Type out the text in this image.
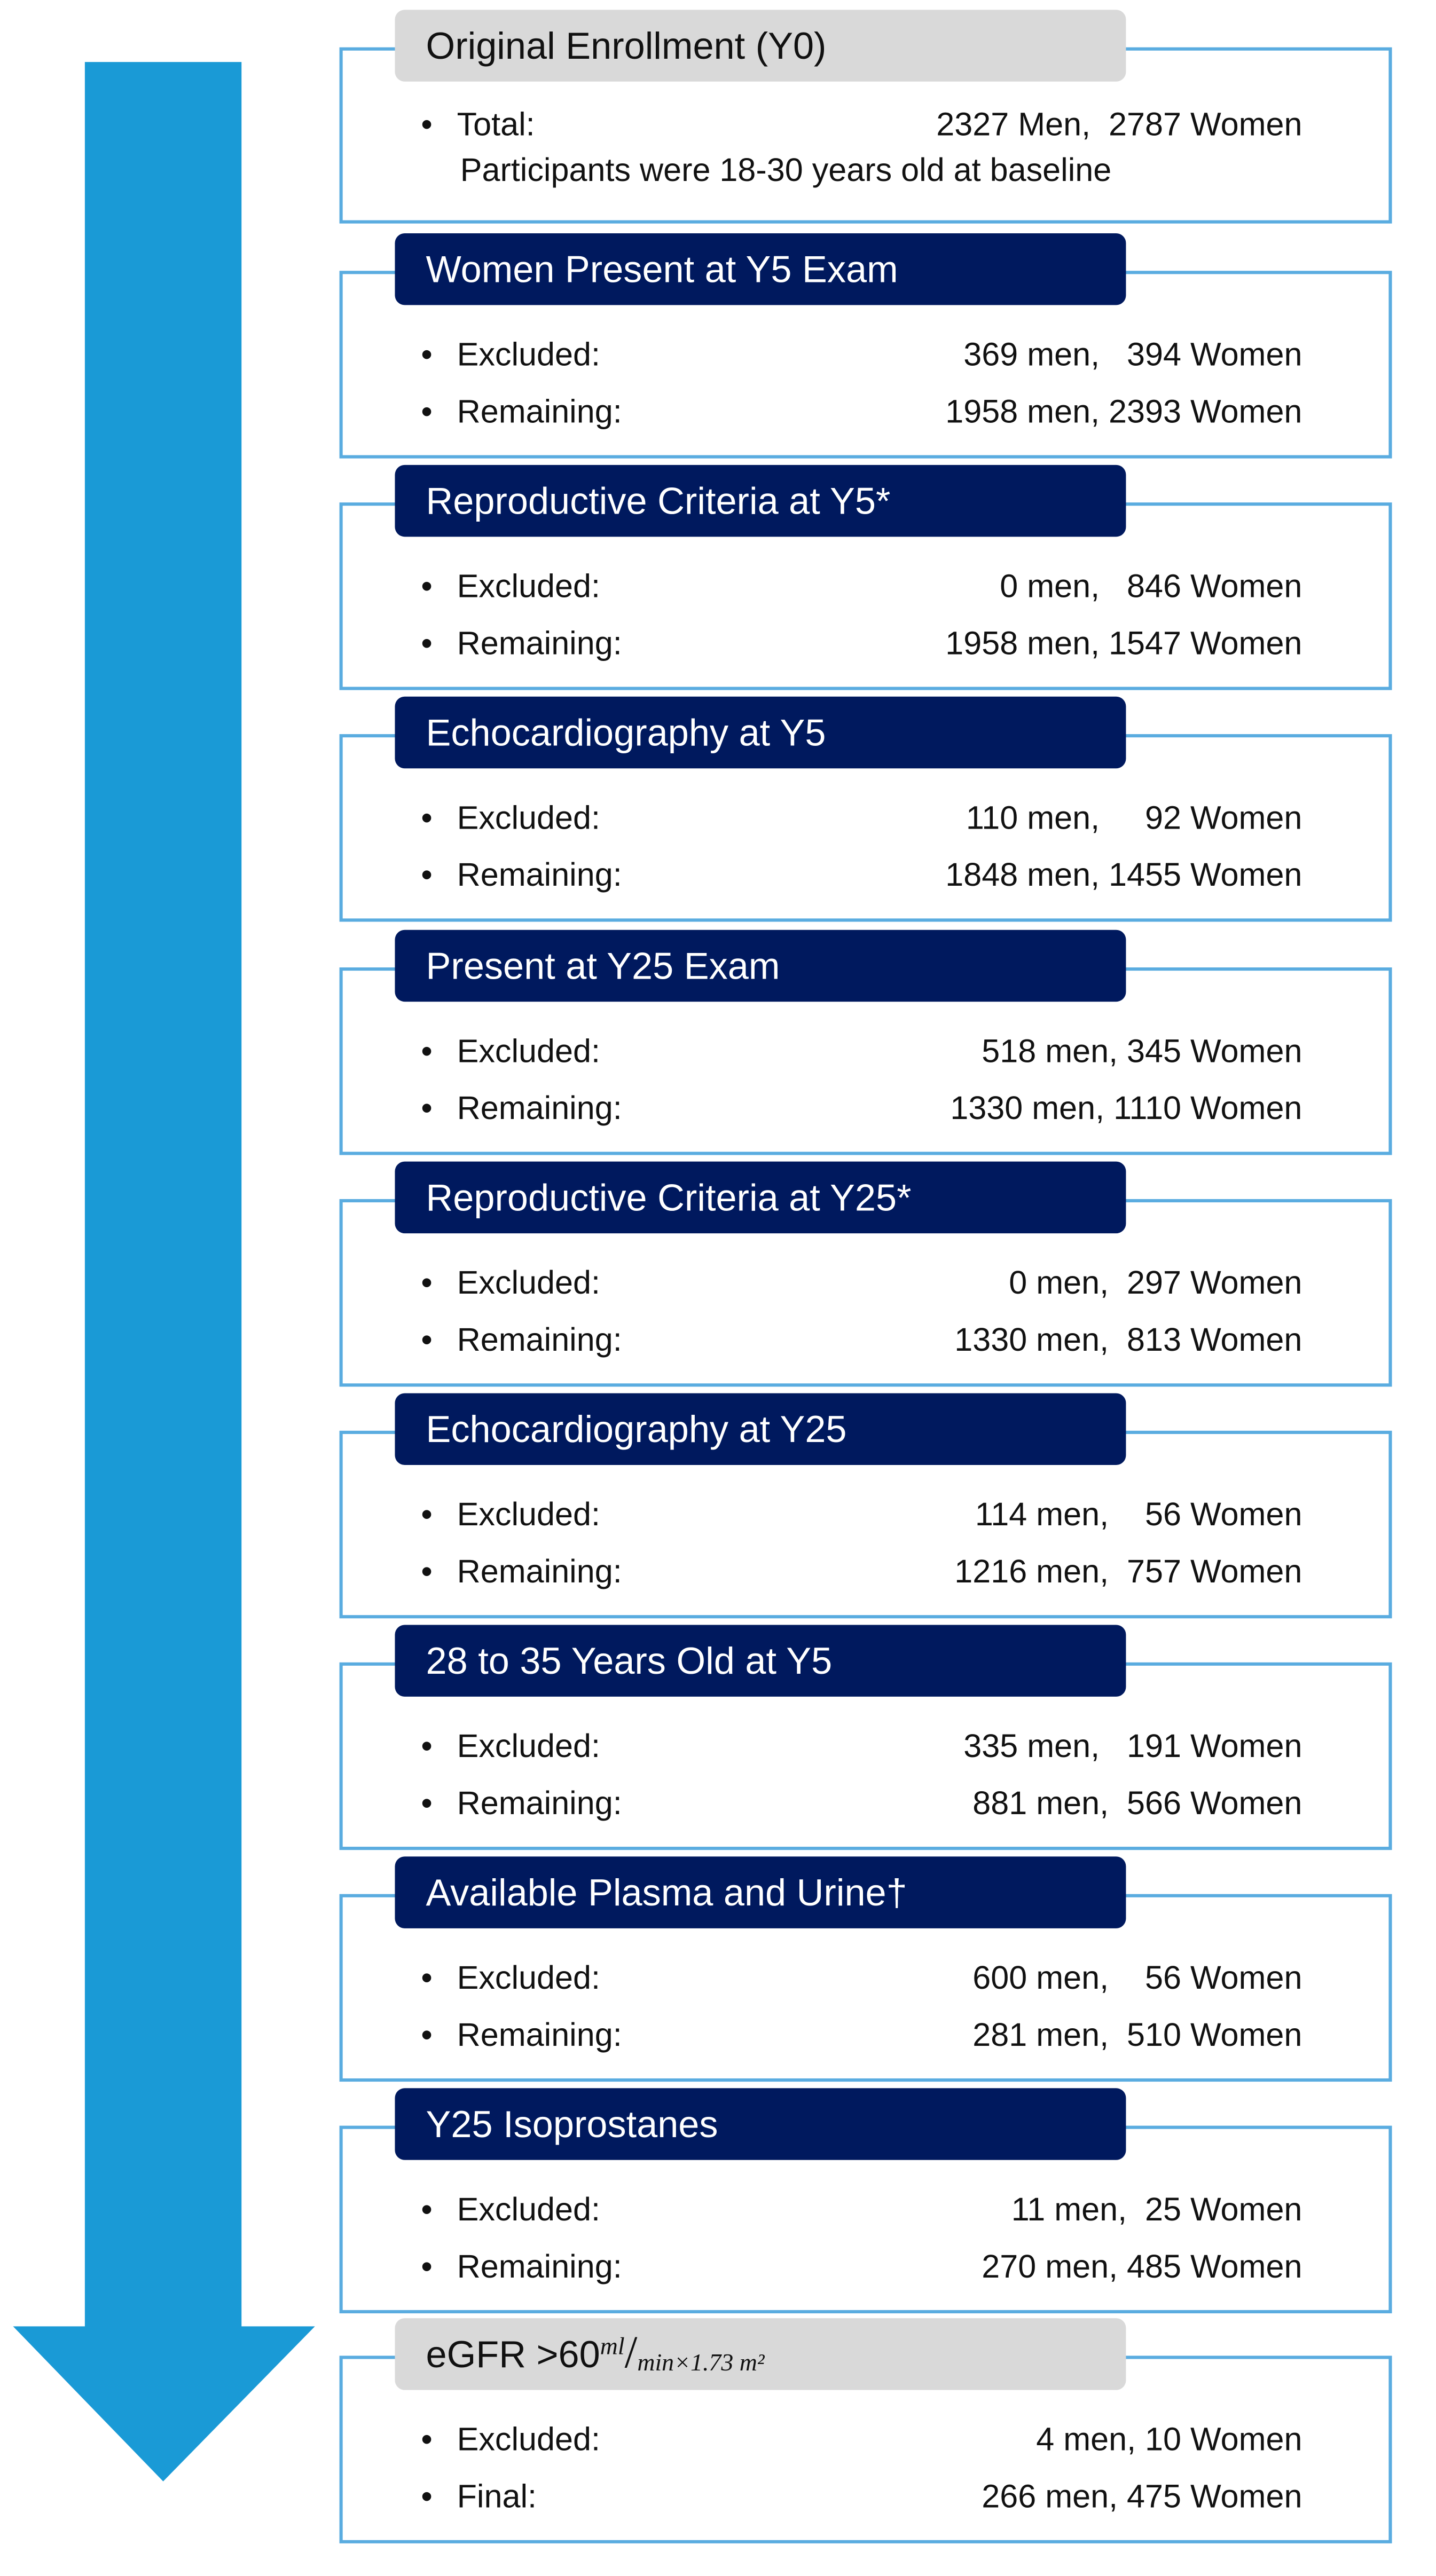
Original Enrollment (Y0)
•	Total:	2327 Men,  2787 Women
Participants were 18-30 years old at baseline
Women Present at Y5 Exam
•	Excluded:	369 men,   394 Women
•	Remaining:	1958 men, 2393 Women
Reproductive Criteria at Y5*
•	Excluded:	0 men,   846 Women
•	Remaining:	1958 men, 1547 Women
Echocardiography at Y5
•	Excluded:	110 men,     92 Women
•	Remaining:	1848 men, 1455 Women
Present at Y25 Exam
•	Excluded:	518 men, 345 Women
•	Remaining:	1330 men, 1110 Women
Reproductive Criteria at Y25*
•	Excluded:	0 men,  297 Women
•	Remaining:	1330 men,  813 Women
Echocardiography at Y25
•	Excluded:	114 men,    56 Women
•	Remaining:	1216 men,  757 Women
28 to 35 Years Old at Y5
•	Excluded:	335 men,   191 Women
•	Remaining:	881 men,  566 Women
Available Plasma and Urine†
•	Excluded:	600 men,    56 Women
•	Remaining:	281 men,  510 Women
Y25 Isoprostanes
•	Excluded:	11 men,  25 Women
•	Remaining:	270 men, 485 Women
eGFR >60 $^{ml}$ $/_{min\times 1.73 m^2}$
•	Excluded:	4 men, 10 Women
•	Final:	266 men, 475 Women
